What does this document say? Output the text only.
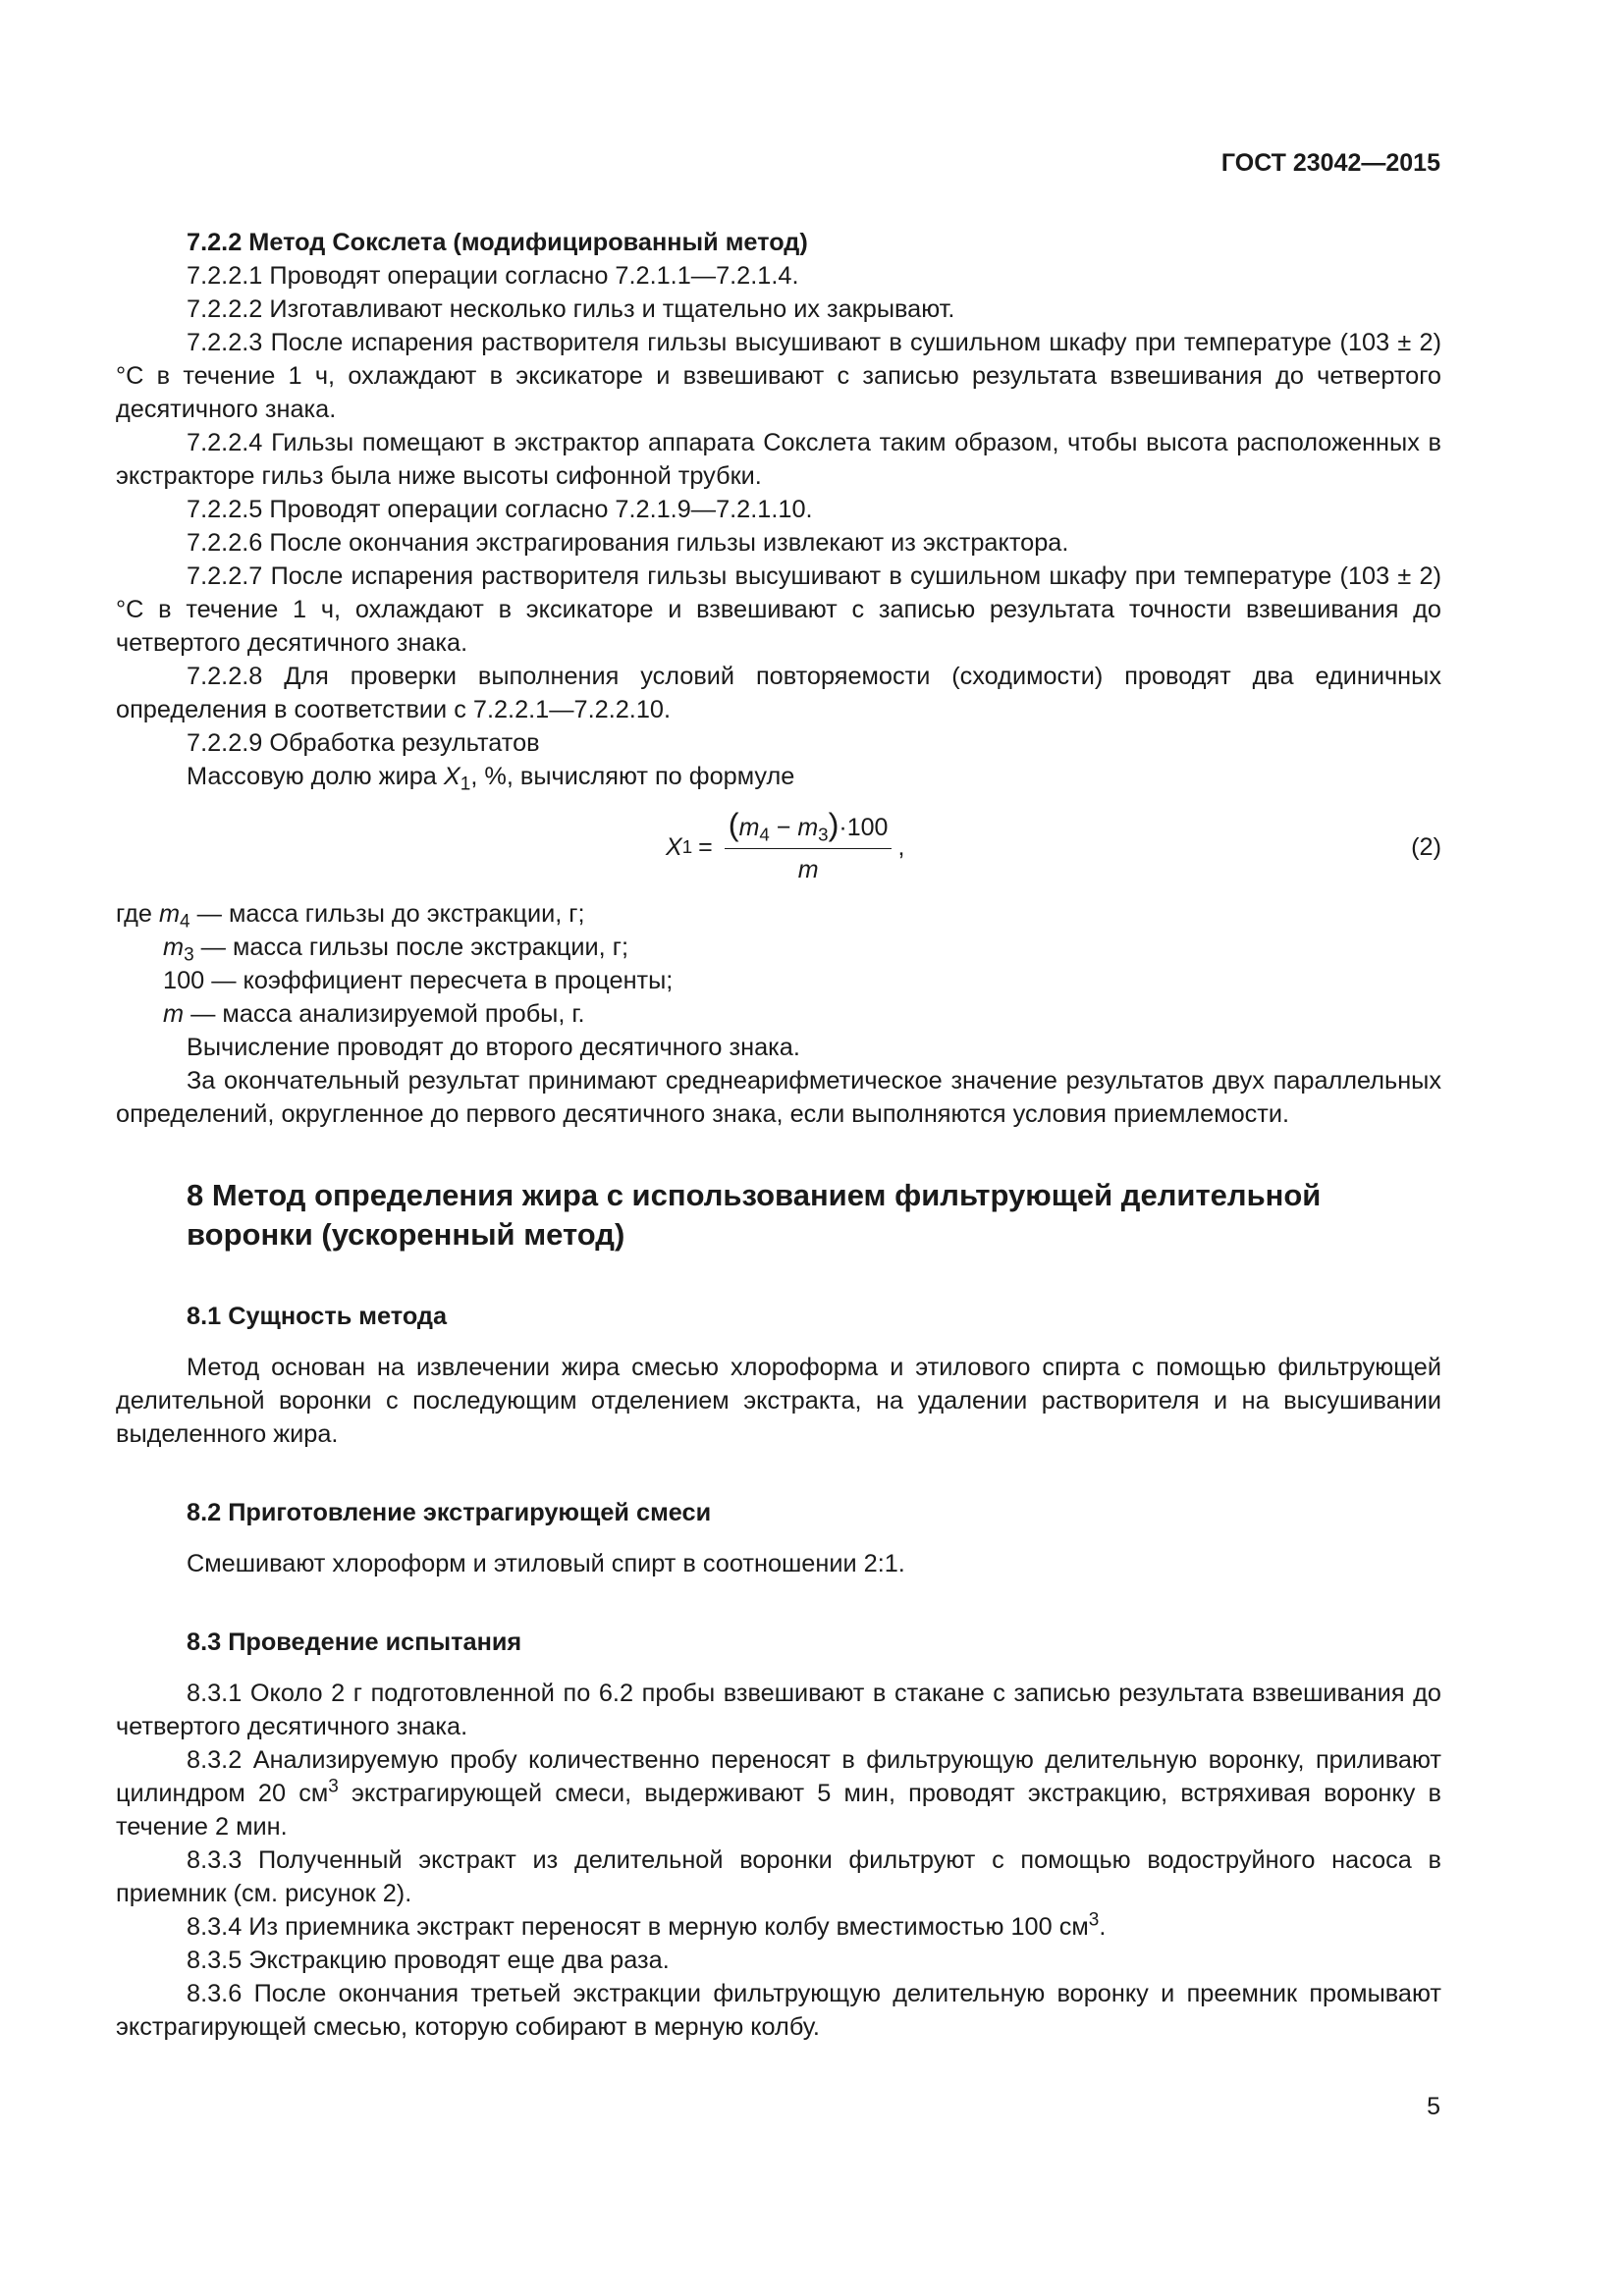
ГОСТ 23042—2015

7.2.2 Метод Сокслета (модифицированный метод)

7.2.2.1 Проводят операции согласно 7.2.1.1—7.2.1.4.

7.2.2.2 Изготавливают несколько гильз и тщательно их закрывают.

7.2.2.3 После испарения растворителя гильзы высушивают в сушильном шкафу при температуре (103 ± 2) °С в течение 1 ч, охлаждают в эксикаторе и взвешивают с записью результата взвешивания до четвертого десятичного знака.

7.2.2.4 Гильзы помещают в экстрактор аппарата Сокслета таким образом, чтобы высота расположенных в экстракторе гильз была ниже высоты сифонной трубки.

7.2.2.5 Проводят операции согласно 7.2.1.9—7.2.1.10.

7.2.2.6 После окончания экстрагирования гильзы извлекают из экстрактора.

7.2.2.7 После испарения растворителя гильзы высушивают в сушильном шкафу при температуре (103 ± 2) °С в течение 1 ч, охлаждают в эксикаторе и взвешивают с записью результата точности взвешивания до четвертого десятичного знака.

7.2.2.8 Для проверки выполнения условий повторяемости (сходимости) проводят два единичных определения в соответствии с 7.2.2.1—7.2.2.10.

7.2.2.9 Обработка результатов

Массовую долю жира $X_1$, %, вычисляют по формуле

X $1 = \frac{(m_4 - m_3)\cdot 100}{m}$ ,	(2)

где $m_4$ — масса гильзы до экстракции, г;

$m_3$ — масса гильзы после экстракции, г;

100 — коэффициент пересчета в проценты;

m — масса анализируемой пробы, г.

Вычисление проводят до второго десятичного знака.

За окончательный результат принимают среднеарифметическое значение результатов двух параллельных определений, округленное до первого десятичного знака, если выполняются условия приемлемости.

8 Метод определения жира с использованием фильтрующей делительной воронки (ускоренный метод)
8.1 Сущность метода

Метод основан на извлечении жира смесью хлороформа и этилового спирта с помощью фильтрующей делительной воронки с последующим отделением экстракта, на удалении растворителя и на высушивании выделенного жира.

8.2 Приготовление экстрагирующей смеси

Смешивают хлороформ и этиловый спирт в соотношении 2:1.

8.3 Проведение испытания

8.3.1 Около 2 г подготовленной по 6.2 пробы взвешивают в стакане с записью результата взвешивания до четвертого десятичного знака.

8.3.2 Анализируемую пробу количественно переносят в фильтрующую делительную воронку, приливают цилиндром 20 $см^3$ экстрагирующей смеси, выдерживают 5 мин, проводят экстракцию, встряхивая воронку в течение 2 мин.

8.3.3 Полученный экстракт из делительной воронки фильтруют с помощью водоструйного насоса в приемник (см. рисунок 2).

8.3.4 Из приемника экстракт переносят в мерную колбу вместимостью 100 $см^3$.

8.3.5 Экстракцию проводят еще два раза.

8.3.6 После окончания третьей экстракции фильтрующую делительную воронку и преемник промывают экстрагирующей смесью, которую собирают в мерную колбу.

5
